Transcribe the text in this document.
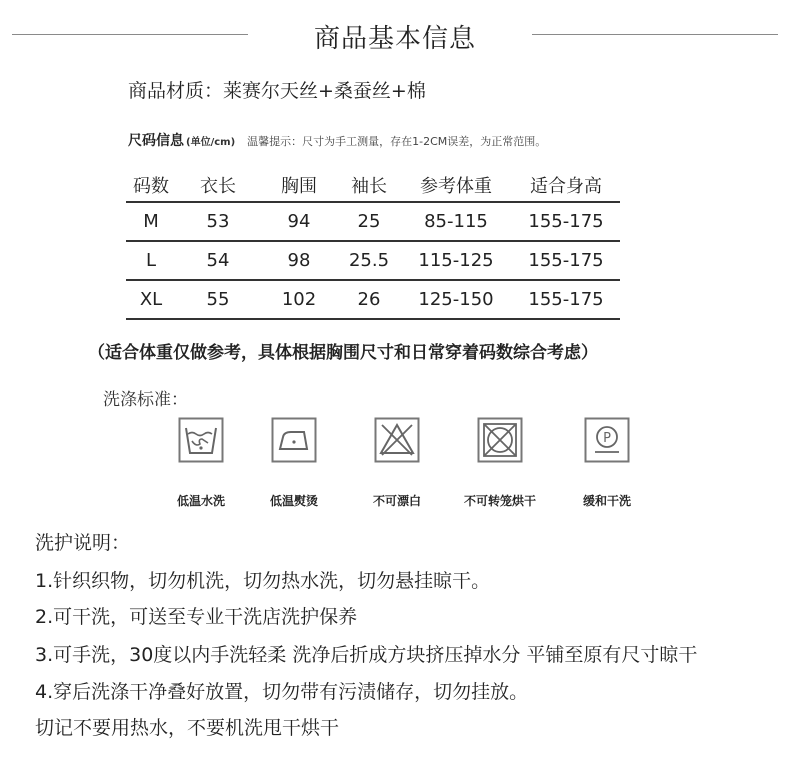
商品基本信息
商品材质：莱赛尔天丝+桑蚕丝+棉
尺码信息 (单位/cm) 温馨提示：尺寸为手工测量，存在1-2CM误差，为正常范围。
码数	衣长	胸围	袖长	参考体重	适合身高
M	53	94	25	85-115	155-175
L	54	98	25.5	115-125	155-175
XL	55	102	26	125-150	155-175
（适合体重仅做参考，具体根据胸围尺寸和日常穿着码数综合考虑）
洗涤标准：
P
低温水洗	低温熨烫	不可漂白	不可转笼烘干	缓和干洗
洗护说明：
1.针织织物，切勿机洗，切勿热水洗，切勿悬挂晾干。
2.可干洗，可送至专业干洗店洗护保养
3.可手洗，30度以内手洗轻柔 洗净后折成方块挤压掉水分 平铺至原有尺寸晾干
4.穿后洗涤干净叠好放置，切勿带有污渍储存，切勿挂放。
切记不要用热水，不要机洗甩干烘干
